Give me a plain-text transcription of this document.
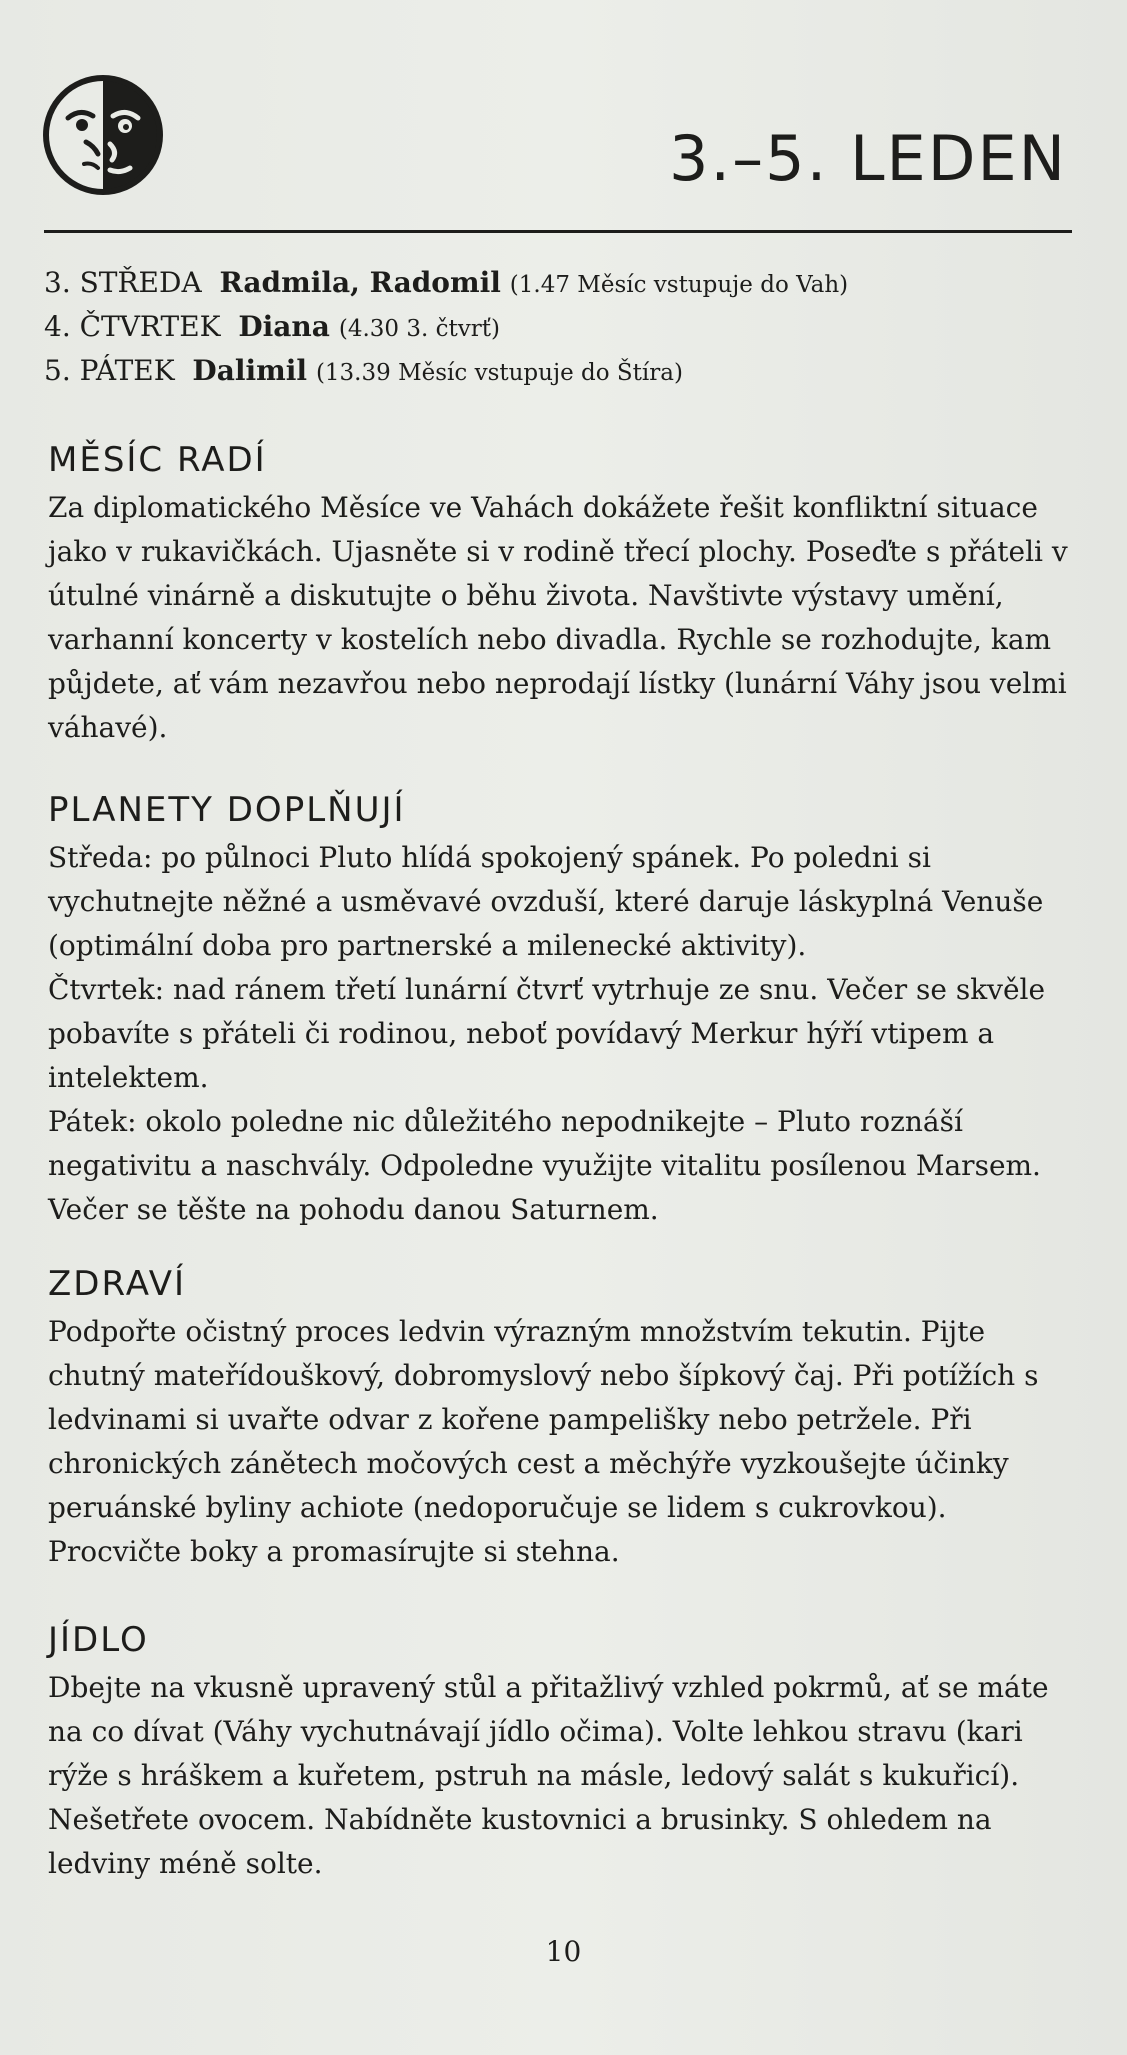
3.–5. LEDEN
3. STŘEDA Radmila, Radomil (1.47 Měsíc vstupuje do Vah)
4. ČTVRTEK Diana (4.30 3. čtvrť)
5. PÁTEK Dalimil (13.39 Měsíc vstupuje do Štíra)
MĚSÍC RADÍ

Za diplomatického Měsíce ve Vahách dokážete řešit konfliktní situace jako v rukavičkách. Ujasněte si v rodině třecí plochy. Poseďte s přáteli v útulné vinárně a diskutujte o běhu života. Navštivte výstavy umění, varhanní koncerty v kostelích nebo divadla. Rychle se rozhodujte, kam půjdete, ať vám nezavřou nebo neprodají lístky (lunární Váhy jsou velmi váhavé).

PLANETY DOPLŇUJÍ

Středa: po půlnoci Pluto hlídá spokojený spánek. Po poledni si vychutnejte něžné a usměvavé ovzduší, které daruje láskyplná Venuše (optimální doba pro partnerské a milenecké aktivity).

Čtvrtek: nad ránem třetí lunární čtvrť vytrhuje ze snu. Večer se skvěle pobavíte s přáteli či rodinou, neboť povídavý Merkur hýří vtipem a intelektem.

Pátek: okolo poledne nic důležitého nepodnikejte – Pluto roznáší negativitu a naschvály. Odpoledne využijte vitalitu posílenou Marsem. Večer se těšte na pohodu danou Saturnem.

ZDRAVÍ

Podpořte očistný proces ledvin výrazným množstvím tekutin. Pijte chutný mateřídouškový, dobromyslový nebo šípkový čaj. Při potížích s ledvinami si uvařte odvar z kořene pampelišky nebo petržele. Při chronických zánětech močových cest a měchýře vyzkoušejte účinky peruánské byliny achiote (nedoporučuje se lidem s cukrovkou). Procvičte boky a promasírujte si stehna.

JÍDLO

Dbejte na vkusně upravený stůl a přitažlivý vzhled pokrmů, ať se máte na co dívat (Váhy vychutnávají jídlo očima). Volte lehkou stravu (kari rýže s hráškem a kuřetem, pstruh na másle, ledový salát s kukuřicí). Nešetřete ovocem. Nabídněte kustovnici a brusinky. S ohledem na ledviny méně solte.

10
